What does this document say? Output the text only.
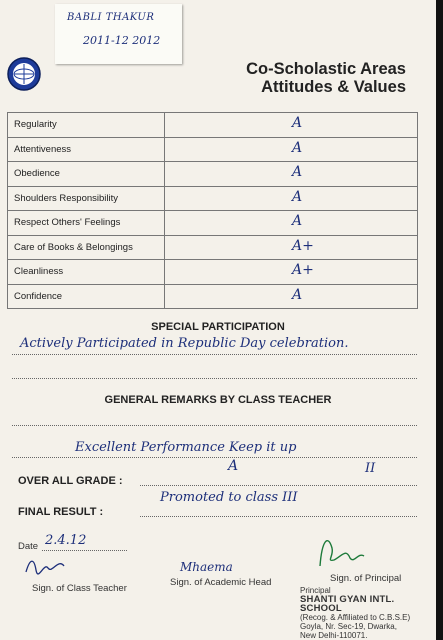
BABLI THAKUR
2011-12 2012
Co-Scholastic Areas
Attitudes & Values
Regularity	A

Attentiveness	A

Obedience	A

Shoulders Responsibility	A

Respect Others' Feelings	A

Care of Books & Belongings	A+

Cleanliness	A+

Confidence	A
SPECIAL PARTICIPATION
Actively Participated in Republic Day celebration.
GENERAL REMARKS BY CLASS TEACHER
Excellent Performance Keep it up
OVER ALL GRADE :
A	II
FINAL RESULT :
Promoted to class III
Date 2.4.12
Mhaema
Sign. of Class Teacher
Sign. of Academic Head	Sign. of Principal
Principal
SHANTI GYAN INTL. SCHOOL
(Recog. & Affiliated to C.B.S.E)
Goyla, Nr. Sec-19, Dwarka,
New Delhi-110071.
